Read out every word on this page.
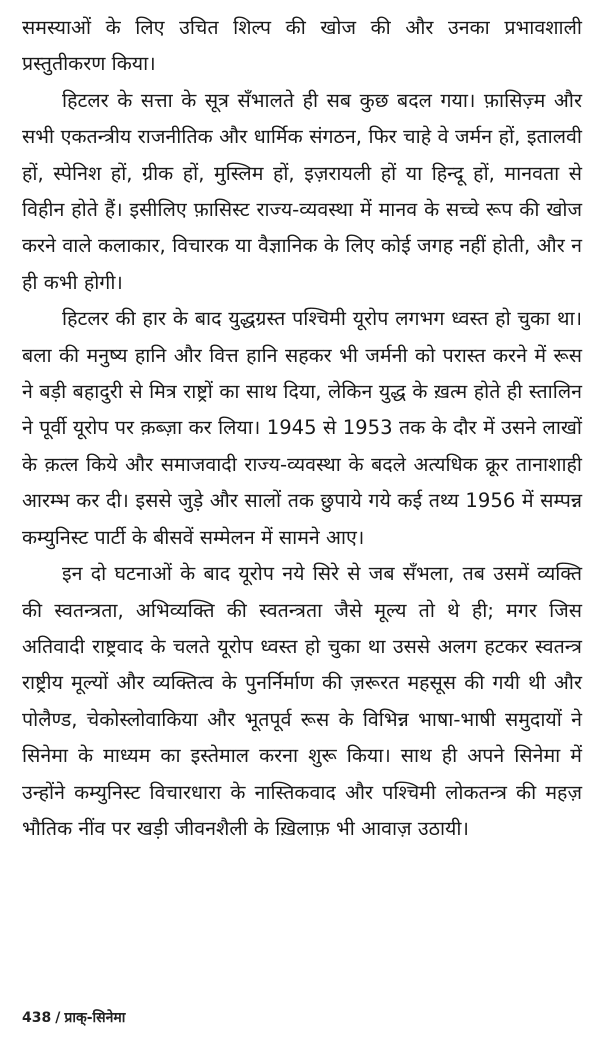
समस्याओं के लिए उचित शिल्प की खोज की और उनका प्रभावशाली प्रस्तुतीकरण किया।

हिटलर के सत्ता के सूत्र सँभालते ही सब कुछ बदल गया। फ़ासिज़्म और सभी एकतन्त्रीय राजनीतिक और धार्मिक संगठन, फिर चाहे वे जर्मन हों, इतालवी हों, स्पेनिश हों, ग्रीक हों, मुस्लिम हों, इज़रायली हों या हिन्दू हों, मानवता से विहीन होते हैं। इसीलिए फ़ासिस्ट राज्य-व्यवस्था में मानव के सच्चे रूप की खोज करने वाले कलाकार, विचारक या वैज्ञानिक के लिए कोई जगह नहीं होती, और न ही कभी होगी।

हिटलर की हार के बाद युद्धग्रस्त पश्चिमी यूरोप लगभग ध्वस्त हो चुका था। बला की मनुष्य हानि और वित्त हानि सहकर भी जर्मनी को परास्त करने में रूस ने बड़ी बहादुरी से मित्र राष्ट्रों का साथ दिया, लेकिन युद्ध के ख़त्म होते ही स्तालिन ने पूर्वी यूरोप पर क़ब्ज़ा कर लिया। 1945 से 1953 तक के दौर में उसने लाखों के क़त्ल किये और समाजवादी राज्य-व्यवस्था के बदले अत्यधिक क्रूर तानाशाही आरम्भ कर दी। इससे जुड़े और सालों तक छुपाये गये कई तथ्य 1956 में सम्पन्न कम्युनिस्ट पार्टी के बीसवें सम्मेलन में सामने आए।

इन दो घटनाओं के बाद यूरोप नये सिरे से जब सँभला, तब उसमें व्यक्ति की स्वतन्त्रता, अभिव्यक्ति की स्वतन्त्रता जैसे मूल्य तो थे ही; मगर जिस अतिवादी राष्ट्रवाद के चलते यूरोप ध्वस्त हो चुका था उससे अलग हटकर स्वतन्त्र राष्ट्रीय मूल्यों और व्यक्तित्व के पुनर्निर्माण की ज़रूरत महसूस की गयी थी और पोलैण्ड, चेकोस्लोवाकिया और भूतपूर्व रूस के विभिन्न भाषा-भाषी समुदायों ने सिनेमा के माध्यम का इस्तेमाल करना शुरू किया। साथ ही अपने सिनेमा में उन्होंने कम्युनिस्ट विचारधारा के नास्तिकवाद और पश्चिमी लोकतन्त्र की महज़ भौतिक नींव पर खड़ी जीवनशैली के ख़िलाफ़ भी आवाज़ उठायी।

438 / प्राक्-सिनेमा
